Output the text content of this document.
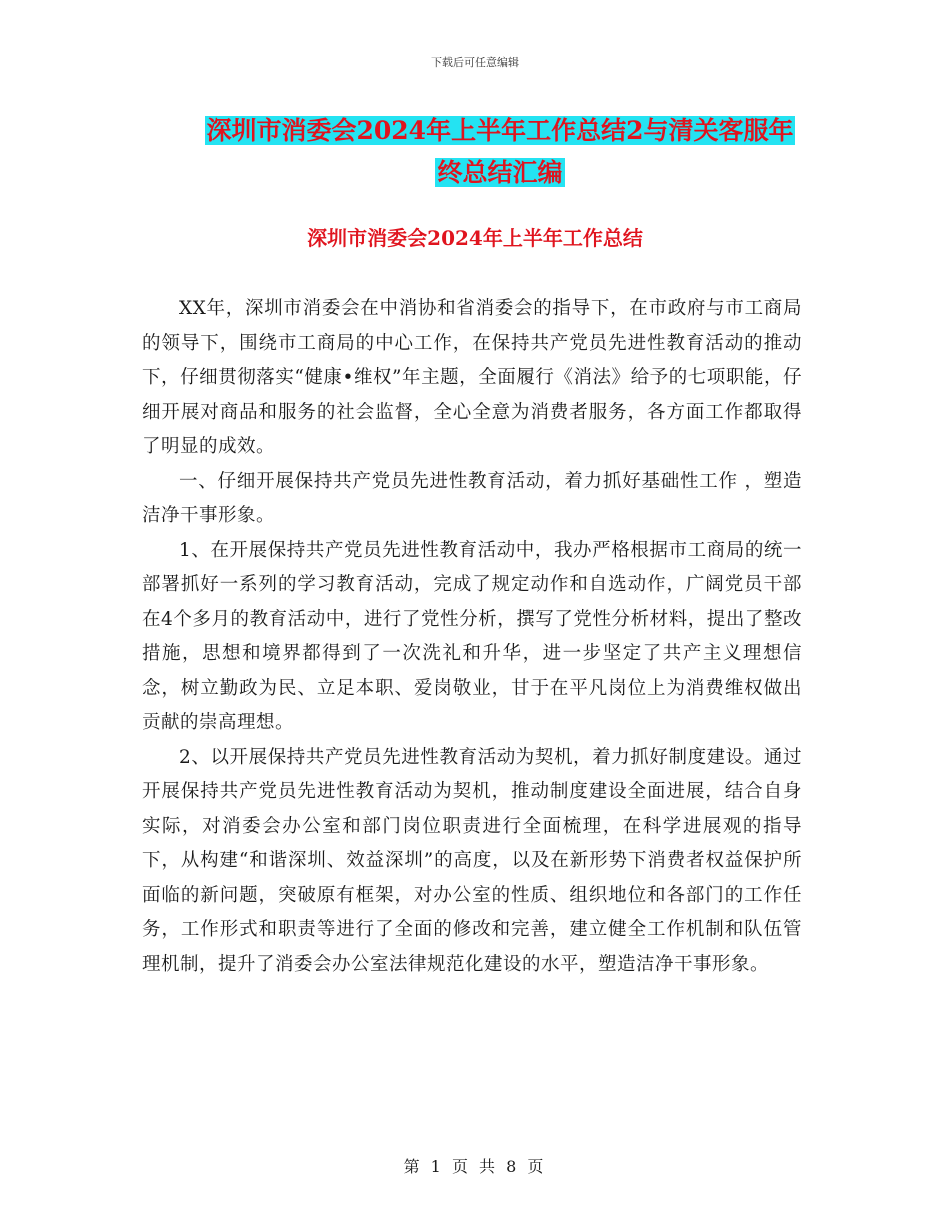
下载后可任意编辑
深圳市消委会2024年上半年工作总结2与清关客服年
终总结汇编
深圳市消委会2024年上半年工作总结

XX年，深圳市消委会在中消协和省消委会的指导下，在市政府与市工商局的领导下，围绕市工商局的中心工作，在保持共产党员先进性教育活动的推动下，仔细贯彻落实“健康•维权”年主题，全面履行《消法》给予的七项职能，仔细开展对商品和服务的社会监督，全心全意为消费者服务，各方面工作都取得了明显的成效。

一、仔细开展保持共产党员先进性教育活动，着力抓好基础性工作 ，塑造洁净干事形象。

1、在开展保持共产党员先进性教育活动中，我办严格根据市工商局的统一部署抓好一系列的学习教育活动，完成了规定动作和自选动作，广阔党员干部在4个多月的教育活动中，进行了党性分析，撰写了党性分析材料，提出了整改措施，思想和境界都得到了一次洗礼和升华，进一步坚定了共产主义理想信念，树立勤政为民、立足本职、爱岗敬业，甘于在平凡岗位上为消费维权做出贡献的崇高理想。

2、以开展保持共产党员先进性教育活动为契机，着力抓好制度建设。通过开展保持共产党员先进性教育活动为契机，推动制度建设全面进展，结合自身实际，对消委会办公室和部门岗位职责进行全面梳理，在科学进展观的指导下，从构建“和谐深圳、效益深圳”的高度，以及在新形势下消费者权益保护所面临的新问题，突破原有框架，对办公室的性质、组织地位和各部门的工作任务，工作形式和职责等进行了全面的修改和完善，建立健全工作机制和队伍管理机制，提升了消委会办公室法律规范化建设的水平，塑造洁净干事形象。

第 1 页 共 8 页
